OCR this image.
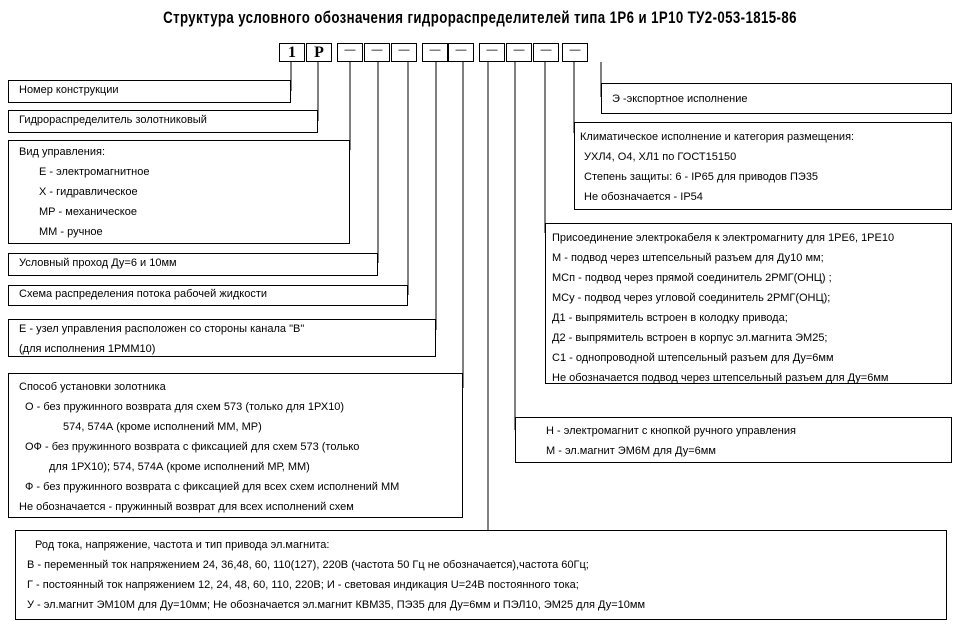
Структура условного обозначения гидрораспределителей типа 1Р6 и 1Р10 ТУ2-053-1815-86
1	Р	—	—	—	—	—	—	—	—	—
Номер конструкции
Гидрораспределитель золотниковый
Вид управления:
Е - электромагнитное
Х - гидравлическое
МР - механическое
ММ - ручное
Условный проход Ду=6 и 10мм
Схема распределения потока рабочей жидкости
Е - узел управления расположен со стороны канала "В"
(для исполнения 1РММ10)
Способ установки золотника
О - без пружинного возврата для схем 573 (только для 1РХ10)
574, 574А (кроме исполнений ММ, МР)
ОФ - без пружинного возврата с фиксацией для схем 573 (только
для 1РХ10); 574, 574А (кроме исполнений МР, ММ)
Ф - без пружинного возврата с фиксацией для всех схем исполнений ММ
Не обозначается - пружинный возврат для всех исполнений схем
Род тока, напряжение, частота и тип привода эл.магнита:
В - переменный ток напряжением 24, 36,48, 60, 110(127), 220В (частота 50 Гц не обозначается),частота 60Гц;
Г - постоянный ток напряжением 12, 24, 48, 60, 110, 220В; И - световая индикация U=24В постоянного тока;
У - эл.магнит ЭМ10М для Ду=10мм; Не обозначается эл.магнит КВМ35, ПЭ35 для Ду=6мм и ПЭЛ10, ЭМ25 для Ду=10мм
Н - электромагнит с кнопкой ручного управления
М - эл.магнит ЭМ6М для Ду=6мм
Присоединение электрокабеля к электромагниту для 1РЕ6, 1РЕ10
М - подвод через штепсельный разъем для Ду10 мм;
МСп - подвод через прямой соединитель 2РМГ(ОНЦ) ;
МСу - подвод через угловой соединитель 2РМГ(ОНЦ);
Д1 - выпрямитель встроен в колодку привода;
Д2 - выпрямитель встроен в корпус эл.магнита ЭМ25;
С1 - однопроводной штепсельный разъем для Ду=6мм
Не обозначается подвод через штепсельный разъем для Ду=6мм
Климатическое исполнение и категория размещения:
УХЛ4, О4, ХЛ1 по ГОСТ15150
Степень защиты: 6 - IP65 для приводов ПЭ35
Не обозначается - IP54
Э -экспортное исполнение
